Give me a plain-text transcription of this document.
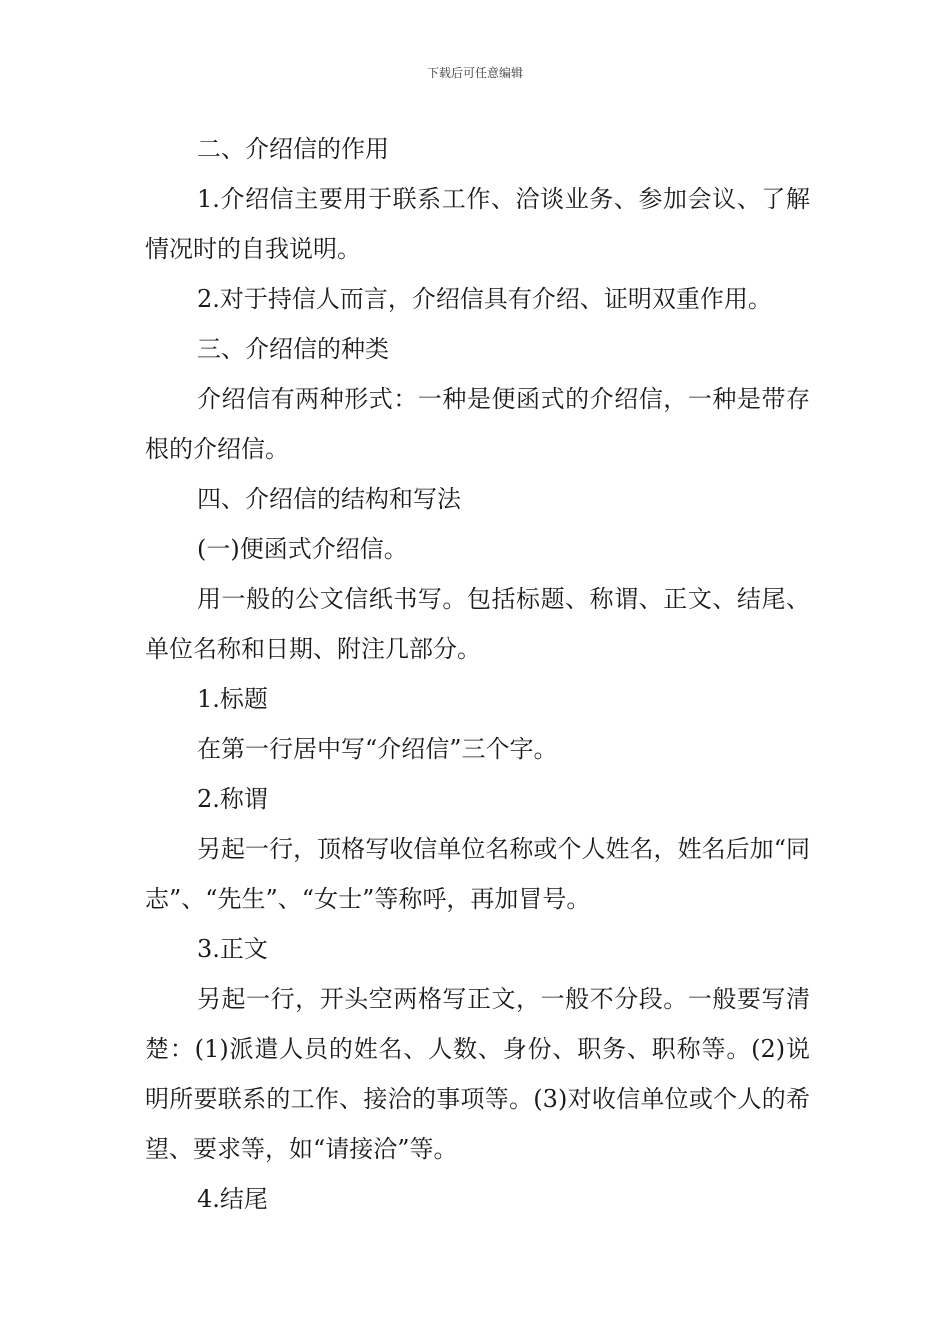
下载后可任意编辑

二、介绍信的作用

1.介绍信主要用于联系工作、洽谈业务、参加会议、了解情况时的自我说明。

2.对于持信人而言，介绍信具有介绍、证明双重作用。

三、介绍信的种类

介绍信有两种形式：一种是便函式的介绍信，一种是带存根的介绍信。

四、介绍信的结构和写法

(一)便函式介绍信。

用一般的公文信纸书写。包括标题、称谓、正文、结尾、单位名称和日期、附注几部分。

1.标题

在第一行居中写“介绍信”三个字。

2.称谓

另起一行，顶格写收信单位名称或个人姓名，姓名后加“同志”、“先生”、“女士”等称呼，再加冒号。

3.正文

另起一行，开头空两格写正文，一般不分段。一般要写清楚：(1)派遣人员的姓名、人数、身份、职务、职称等。(2)说明所要联系的工作、接洽的事项等。(3)对收信单位或个人的希望、要求等，如“请接洽”等。

4.结尾
